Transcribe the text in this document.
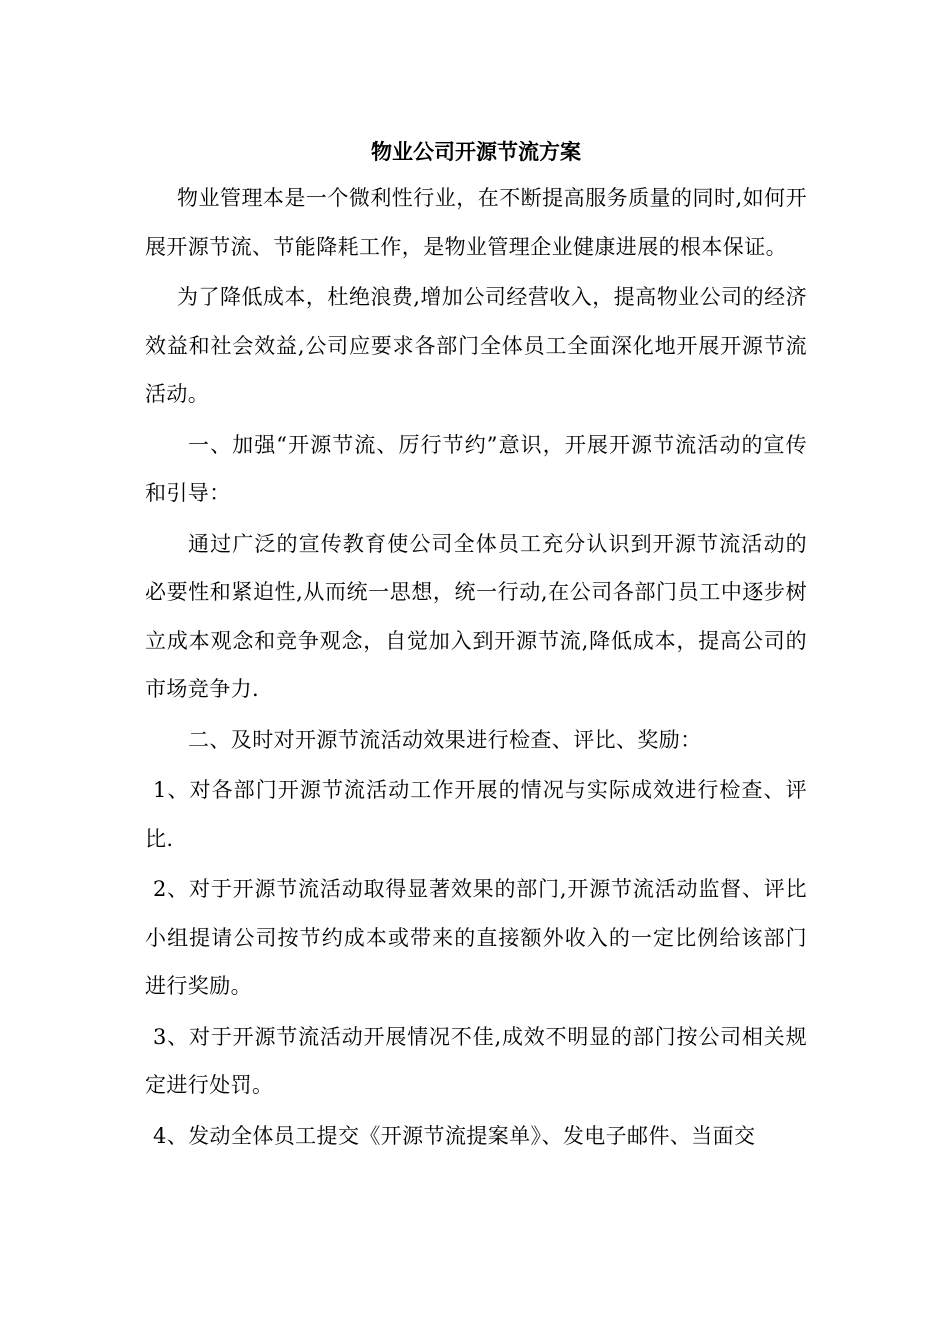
物业公司开源节流方案

物业管理本是一个微利性行业，在不断提高服务质量的同时,如何开展开源节流、节能降耗工作，是物业管理企业健康进展的根本保证。

为了降低成本，杜绝浪费,增加公司经营收入，提高物业公司的经济效益和社会效益,公司应要求各部门全体员工全面深化地开展开源节流活动。

一、加强“开源节流、厉行节约”意识，开展开源节流活动的宣传和引导：

通过广泛的宣传教育使公司全体员工充分认识到开源节流活动的必要性和紧迫性,从而统一思想，统一行动,在公司各部门员工中逐步树立成本观念和竞争观念，自觉加入到开源节流,降低成本，提高公司的市场竞争力.

二、及时对开源节流活动效果进行检查、评比、奖励：

1、对各部门开源节流活动工作开展的情况与实际成效进行检查、评比.

2、对于开源节流活动取得显著效果的部门,开源节流活动监督、评比小组提请公司按节约成本或带来的直接额外收入的一定比例给该部门进行奖励。

3、对于开源节流活动开展情况不佳,成效不明显的部门按公司相关规定进行处罚。

4、发动全体员工提交《开源节流提案单》、发电子邮件、当面交
